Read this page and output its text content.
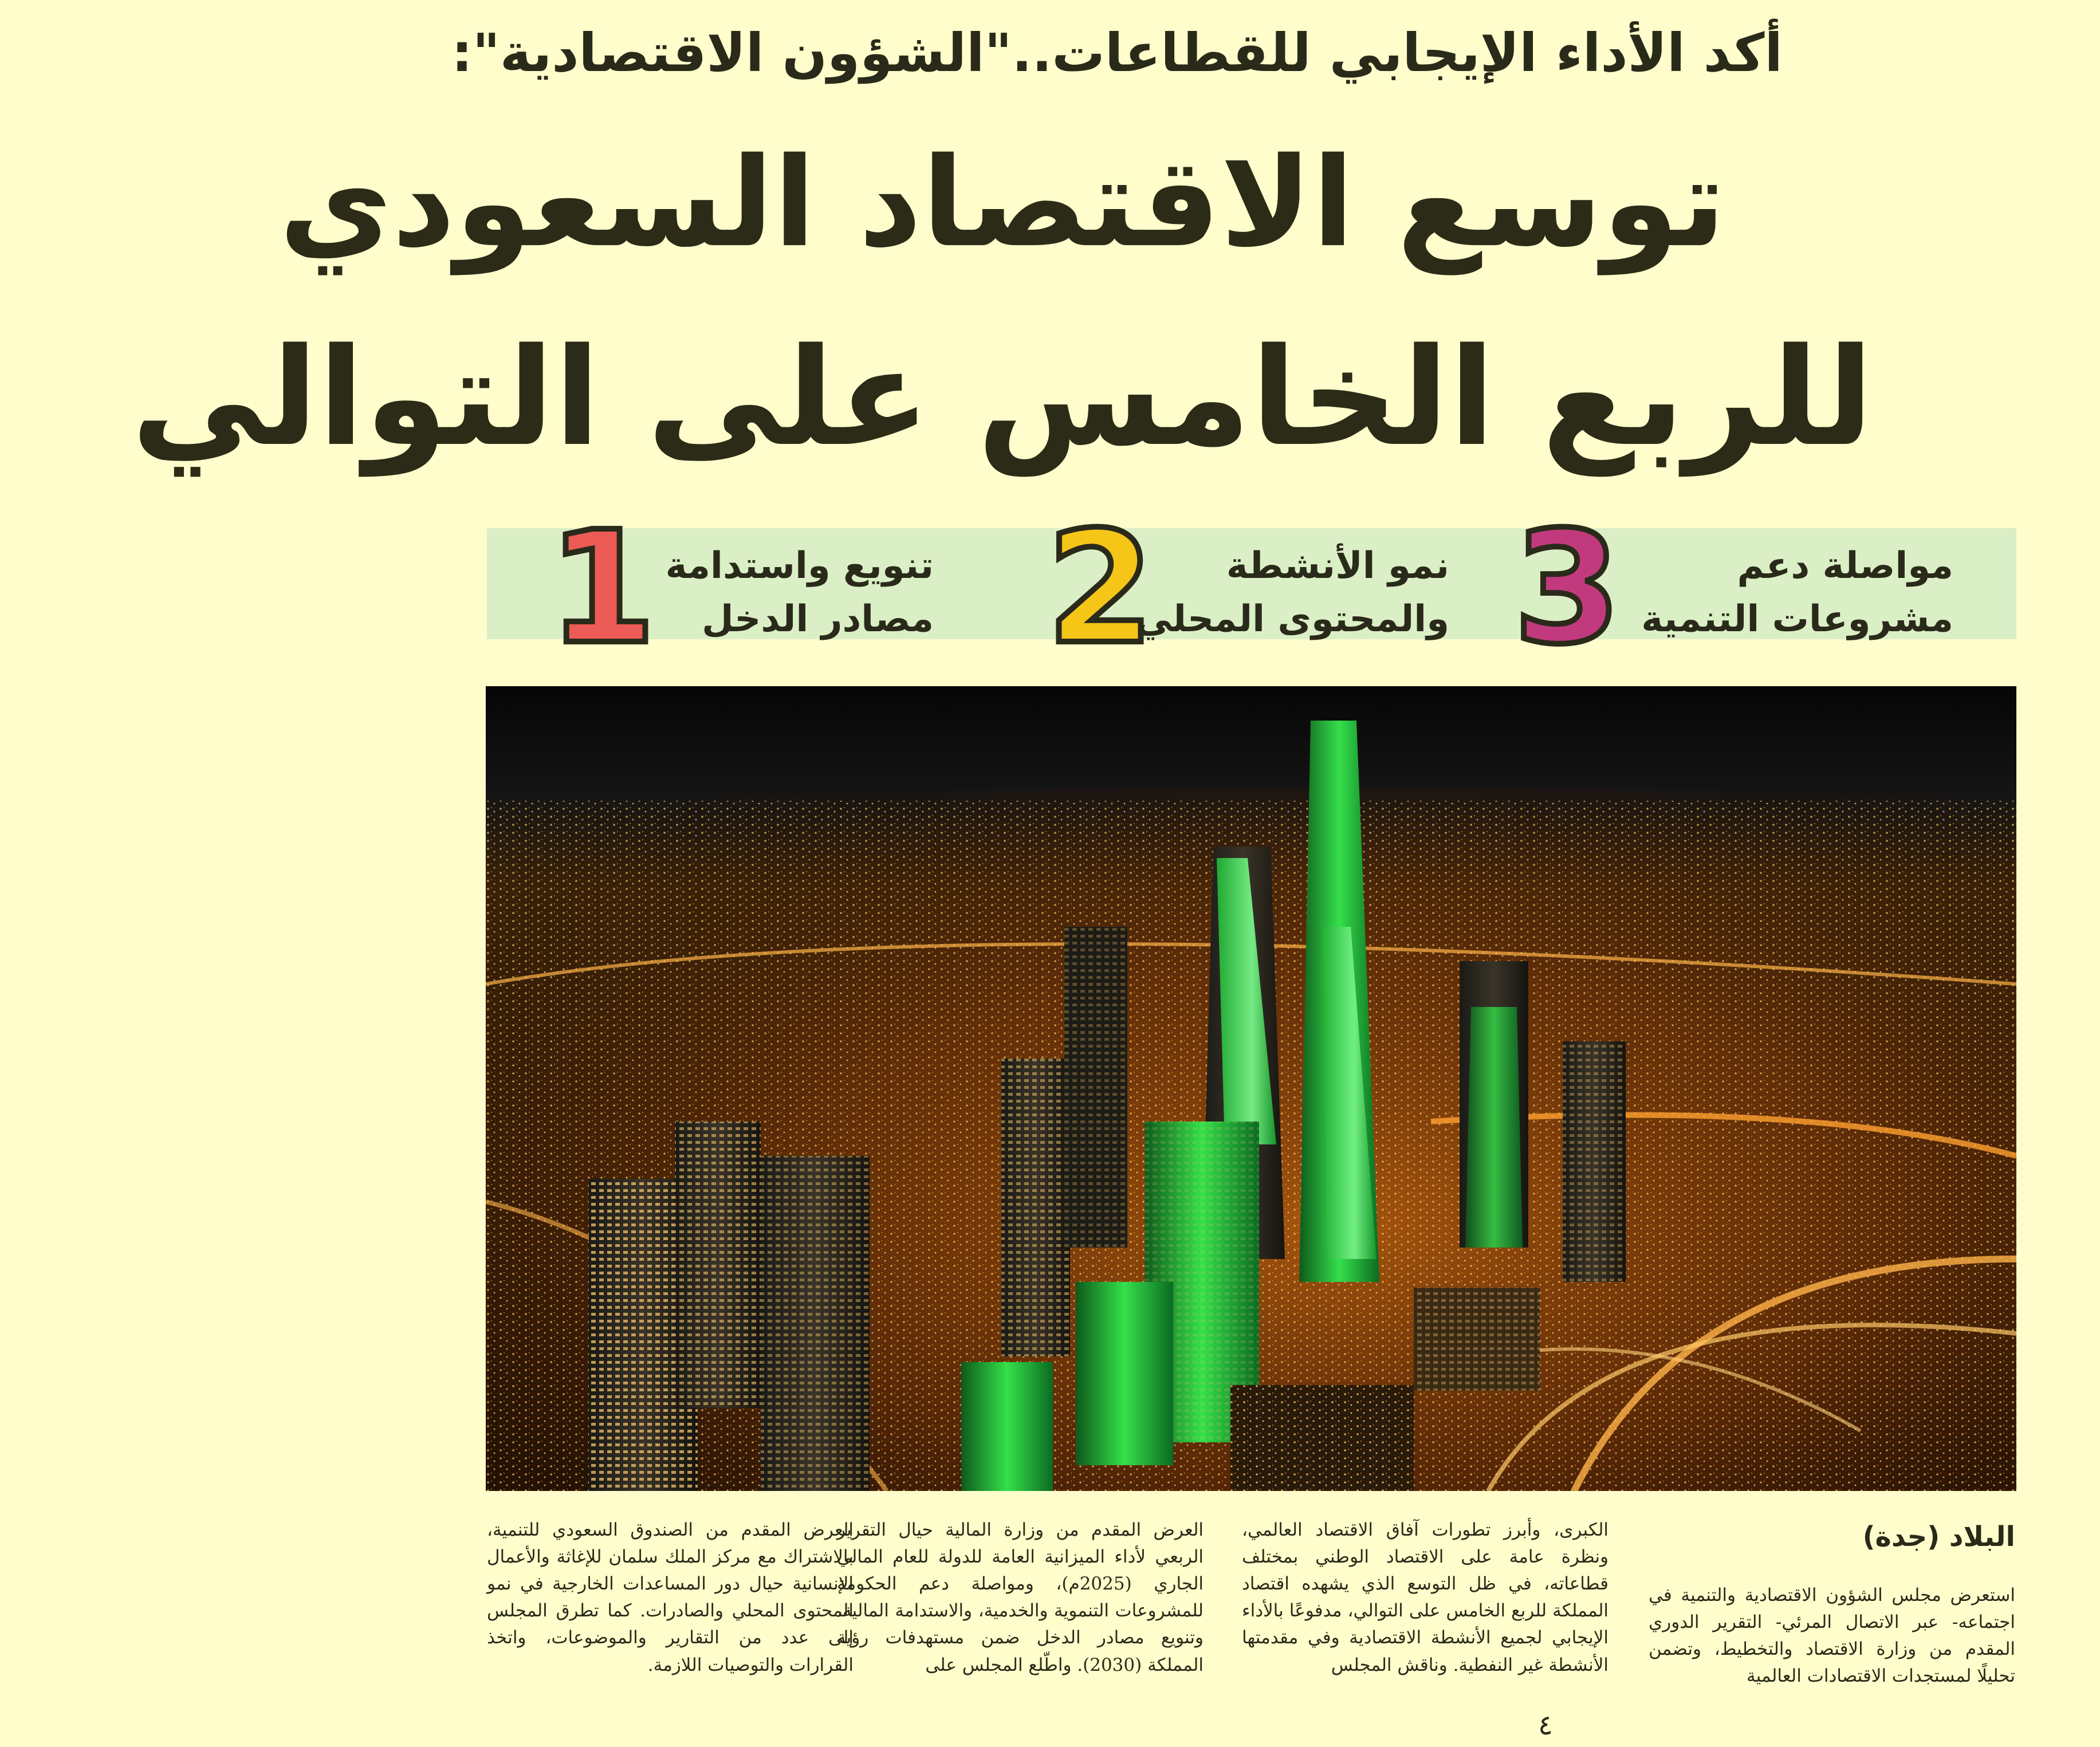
أكد الأداء الإيجابي للقطاعات.."الشؤون الاقتصادية":
توسع الاقتصاد السعودي
للربع الخامس على التوالي
مواصلة دعم
مشروعات التنمية
3
نمو الأنشطة
والمحتوى المحلي
2
تنويع واستدامة
مصادر الدخل
1
البلاد (جدة)
استعرض مجلس الشؤون الاقتصادية والتنمية في اجتماعه- عبر الاتصال المرئي- التقرير الدوري المقدم من وزارة الاقتصاد والتخطيط، وتضمن تحليلًا لمستجدات الاقتصادات العالمية
الكبرى، وأبرز تطورات آفاق الاقتصاد العالمي، ونظرة عامة على الاقتصاد الوطني بمختلف قطاعاته، في ظل التوسع الذي يشهده اقتصاد المملكة للربع الخامس على التوالي، مدفوعًا بالأداء الإيجابي لجميع الأنشطة الاقتصادية وفي مقدمتها الأنشطة غير النفطية. وناقش المجلس
العرض المقدم من وزارة المالية حيال التقرير الربعي لأداء الميزانية العامة للدولة للعام المالي الجاري (2025م)، ومواصلة دعم الحكومة للمشروعات التنموية والخدمية، والاستدامة المالية، وتنويع مصادر الدخل ضمن مستهدفات رؤية المملكة (2030). واطّلع المجلس على
العرض المقدم من الصندوق السعودي للتنمية، بالاشتراك مع مركز الملك سلمان للإغاثة والأعمال الإنسانية حيال دور المساعدات الخارجية في نمو المحتوى المحلي والصادرات. كما تطرق المجلس إلى عدد من التقارير والموضوعات، واتخذ القرارات والتوصيات اللازمة.
٤
